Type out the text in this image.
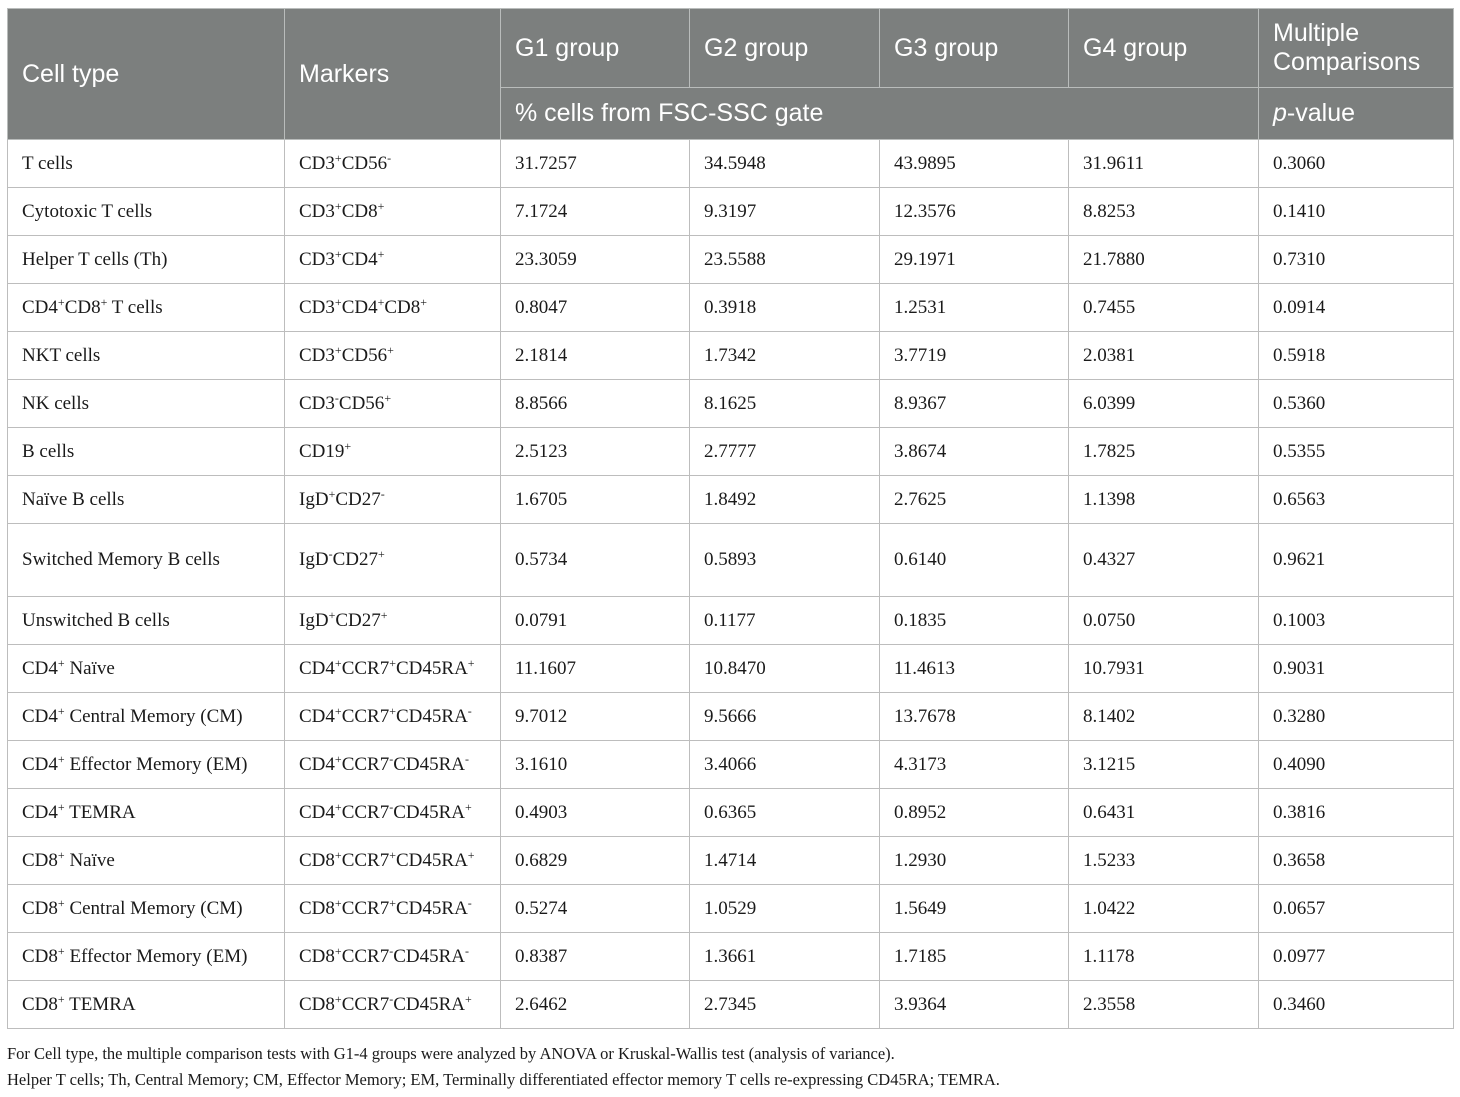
Cell type	Markers	G1 group	G2 group	G3 group	G4 group	Multiple Comparisons
		% cells from FSC-SSC gate				p-value
T cells	CD3+CD56-	31.7257	34.5948	43.9895	31.9611	0.3060
Cytotoxic T cells	CD3+CD8+	7.1724	9.3197	12.3576	8.8253	0.1410
Helper T cells (Th)	CD3+CD4+	23.3059	23.5588	29.1971	21.7880	0.7310
CD4+CD8+ T cells	CD3+CD4+CD8+	0.8047	0.3918	1.2531	0.7455	0.0914
NKT cells	CD3+CD56+	2.1814	1.7342	3.7719	2.0381	0.5918
NK cells	CD3-CD56+	8.8566	8.1625	8.9367	6.0399	0.5360
B cells	CD19+	2.5123	2.7777	3.8674	1.7825	0.5355
Naïve B cells	IgD+CD27-	1.6705	1.8492	2.7625	1.1398	0.6563
Switched Memory B cells	IgD-CD27+	0.5734	0.5893	0.6140	0.4327	0.9621
Unswitched B cells	IgD+CD27+	0.0791	0.1177	0.1835	0.0750	0.1003
CD4+ Naïve	CD4+CCR7+CD45RA+	11.1607	10.8470	11.4613	10.7931	0.9031
CD4+ Central Memory (CM)	CD4+CCR7+CD45RA-	9.7012	9.5666	13.7678	8.1402	0.3280
CD4+ Effector Memory (EM)	CD4+CCR7-CD45RA-	3.1610	3.4066	4.3173	3.1215	0.4090
CD4+ TEMRA	CD4+CCR7-CD45RA+	0.4903	0.6365	0.8952	0.6431	0.3816
CD8+ Naïve	CD8+CCR7+CD45RA+	0.6829	1.4714	1.2930	1.5233	0.3658
CD8+ Central Memory (CM)	CD8+CCR7+CD45RA-	0.5274	1.0529	1.5649	1.0422	0.0657
CD8+ Effector Memory (EM)	CD8+CCR7-CD45RA-	0.8387	1.3661	1.7185	1.1178	0.0977
CD8+ TEMRA	CD8+CCR7-CD45RA+	2.6462	2.7345	3.9364	2.3558	0.3460
For Cell type, the multiple comparison tests with G1-4 groups were analyzed by ANOVA or Kruskal-Wallis test (analysis of variance).
Helper T cells; Th, Central Memory; CM, Effector Memory; EM, Terminally differentiated effector memory T cells re-expressing CD45RA; TEMRA.
